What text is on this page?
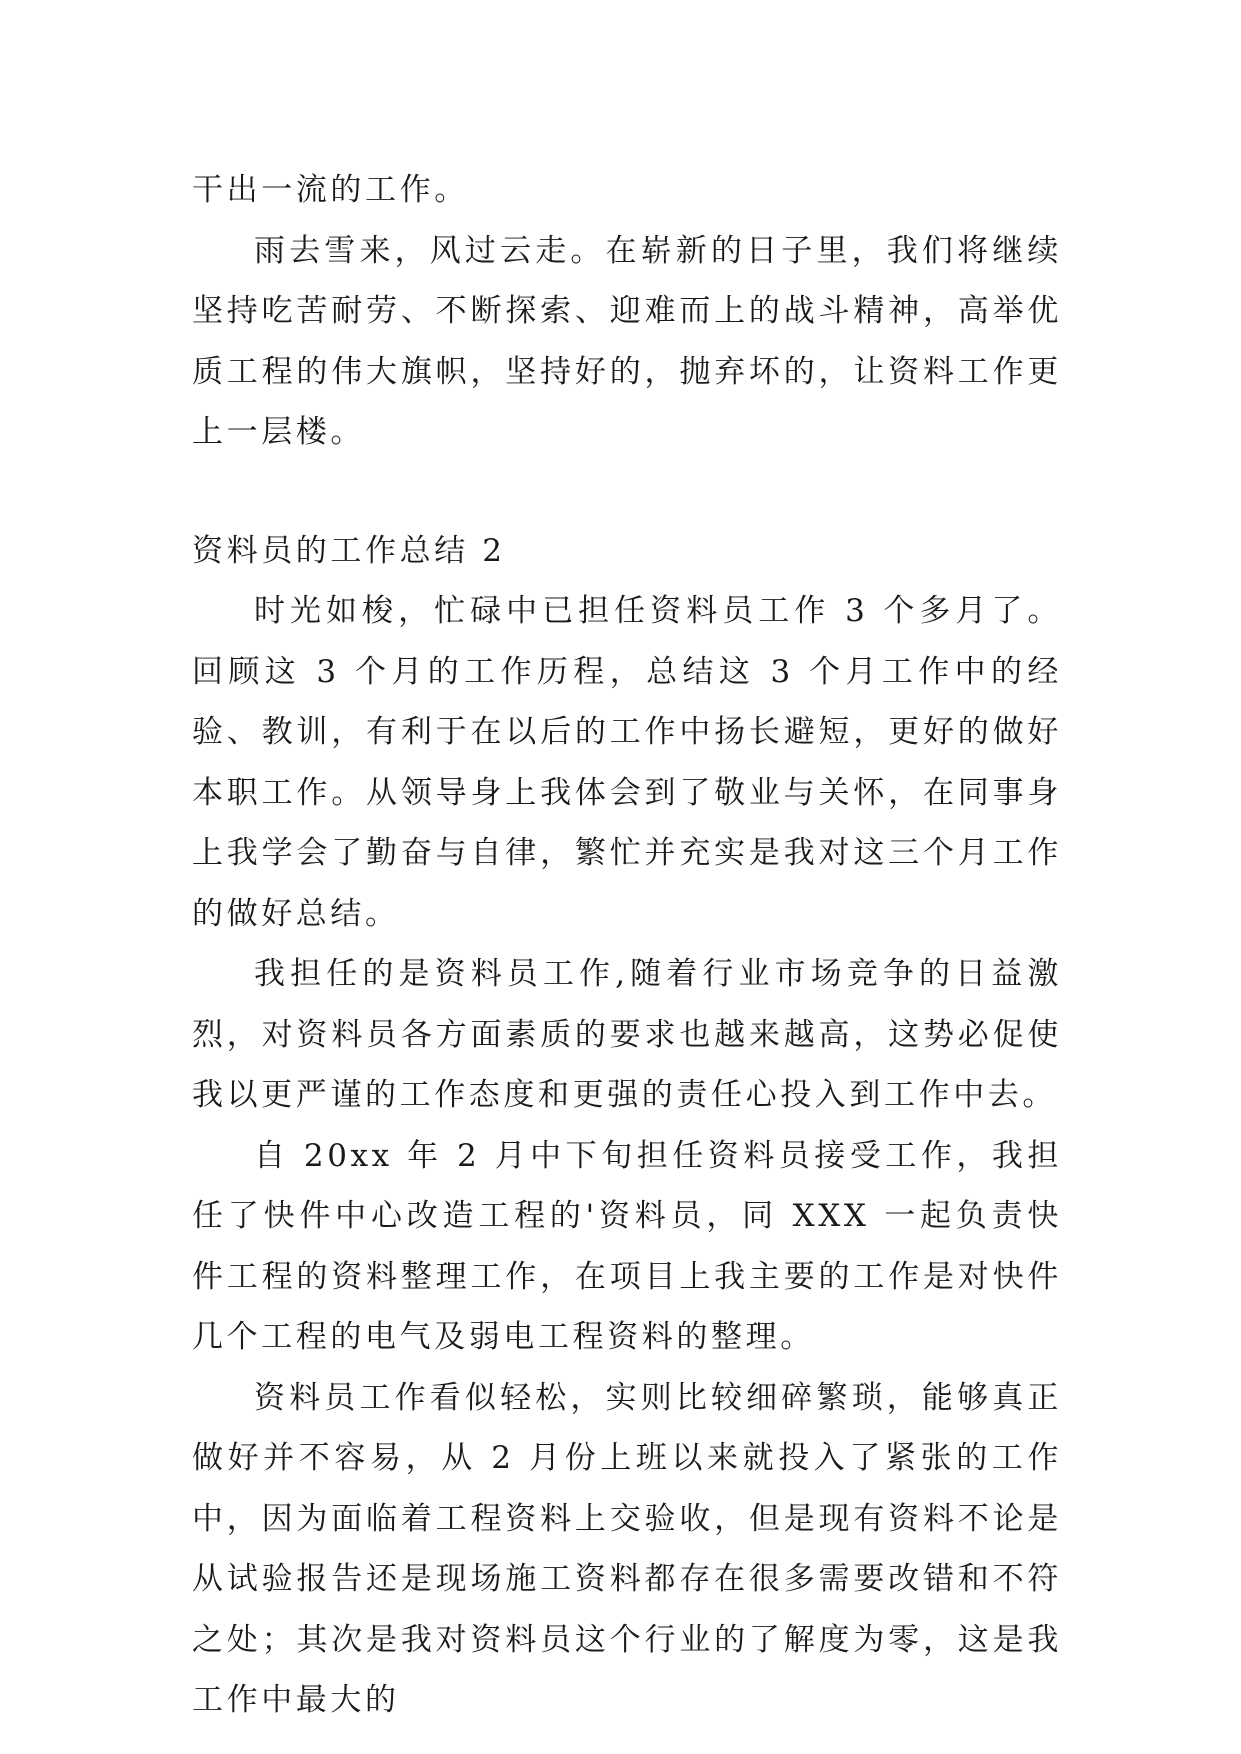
干出一流的工作。

雨去雪来，风过云走。在崭新的日子里，我们将继续坚持吃苦耐劳、不断探索、迎难而上的战斗精神，高举优质工程的伟大旗帜，坚持好的，抛弃坏的，让资料工作更上一层楼。

资料员的工作总结 2

时光如梭，忙碌中已担任资料员工作 3 个多月了。回顾这 3 个月的工作历程，总结这 3 个月工作中的经验、教训，有利于在以后的工作中扬长避短，更好的做好本职工作。从领导身上我体会到了敬业与关怀，在同事身上我学会了勤奋与自律，繁忙并充实是我对这三个月工作的做好总结。

我担任的是资料员工作,随着行业市场竞争的日益激烈，对资料员各方面素质的要求也越来越高，这势必促使我以更严谨的工作态度和更强的责任心投入到工作中去。

自 20xx 年 2 月中下旬担任资料员接受工作，我担任了快件中心改造工程的'资料员，同 XXX 一起负责快件工程的资料整理工作，在项目上我主要的工作是对快件几个工程的电气及弱电工程资料的整理。

资料员工作看似轻松，实则比较细碎繁琐，能够真正做好并不容易，从 2 月份上班以来就投入了紧张的工作中，因为面临着工程资料上交验收，但是现有资料不论是从试验报告还是现场施工资料都存在很多需要改错和不符之处；其次是我对资料员这个行业的了解度为零，这是我工作中最大的
